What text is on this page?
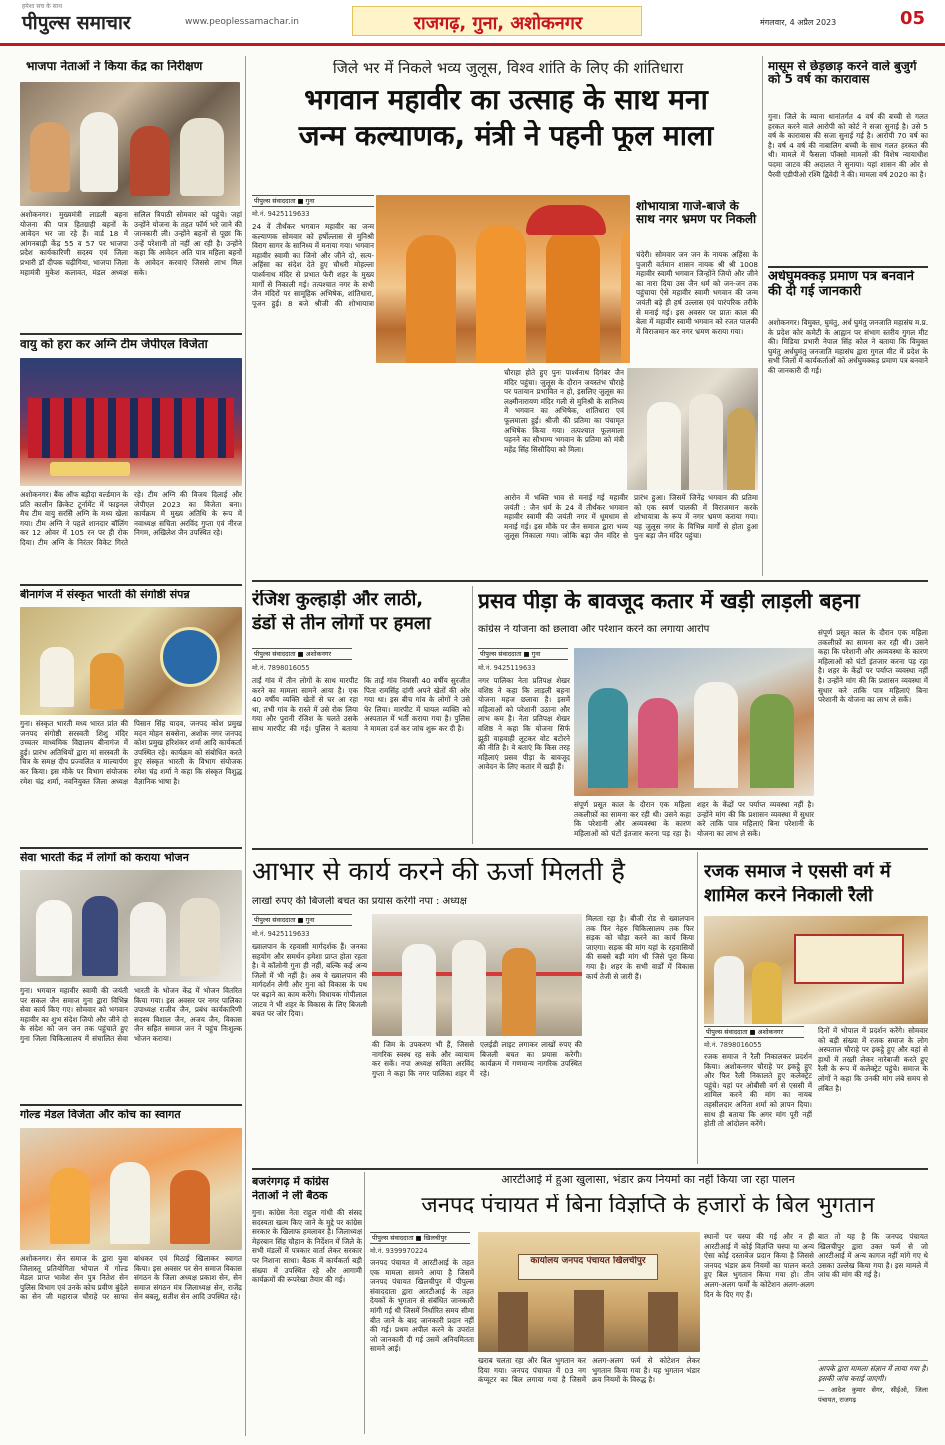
हमेशा सच के साथ
पीपुल्स समाचार	www.peoplessamachar.in	राजगढ़, गुना, अशोकनगर	मंगलवार, 4 अप्रैल 2023	05
भाजपा नेताओं ने किया केंद्र का निरीक्षण
अशोकनगर। मुख्यमंत्री लाडली बहना योजना की पात्र हितग्राही बहनों के आवेदन भर जा रहे हैं। वार्ड 18 में आंगनबाड़ी केंद्र 55 व 57 पर भाजपा प्रदेश कार्यकारिणी सदस्य एवं जिला प्रभारी डॉ दीपक चढ़ीगिया, भाजपा जिला महामंत्री मुकेश कलावत, मंडल अध्यक्ष सलिल त्रिपाठी सोमवार को पहुंचे। जहां उन्होंने योजना के तहत फॉर्म भरे जाने की जानकारी ली। उन्होंने बहनों से पूछा कि उन्हें परेशानी तो नहीं आ रही है। उन्होंने कहा कि आवेदन अति पात्र महिला बहनों के आवेदन करवाएं जिससे लाभ मिल सके।
वायु को हरा कर अग्नि टीम जेपीएल विजेता
अशोकनगर। बैंक ऑफ बड़ौदा वर्ल्डमान के प्रति कालीन क्रिकेट टूर्नामेंट में फाइनल मैच टीम वायु सरसेि अग्नि के मध्य खेला गया। टीम अग्नि ने पहले शानदार बॉलिंग कर 12 ओवर में 105 रन पर ही रोक दिया। टीम अग्नि के निरंतर विकेट गिरते रहे। टीम अग्नि की विजय दिलाई और जेपीएल 2023 का विजेता बना। कार्यक्रम में मुख्य अतिथि के रूप में नवाध्यक्ष सचिता अरविंद गुप्ता एवं नीरज निगम, अखिलेश जैन उपस्थित रहे।
बीनागंज में संस्कृत भारती की संगोष्ठी संपन्न
गुना। संस्कृत भारती मध्य भारत प्रांत की जनपद संगोष्ठी सरस्वती शिशु मंदिर उच्चतर माध्यमिक विद्यालय बीनागंज में हुई। प्रारंभ अतिथियों द्वारा मां सरस्वती के चित्र के समक्ष दीप प्रज्वलित व माल्यार्पण कर किया। इस मौके पर विभाग संयोजक रमेश चंद्र शर्मा, नवनियुक्त जिला अध्यक्ष पिसान सिंह यादव, जनपद कोश प्रमुख मदन मोहन सक्सेना, अशोक नगर जनपद कोश प्रमुख हरिशंकर शर्मा आदि कार्यकर्ता उपस्थित रहे। कार्यक्रम को संबोधित करते हुए संस्कृत भारती के विभाग संयोजक रमेश चंद्र शर्मा ने कहा कि संस्कृत विशुद्ध वैज्ञानिक भाषा है।
सेवा भारती केंद्र में लोगों को कराया भोजन
गुना। भगवान महावीर स्वामी की जयंती पर सकल जैन समाज गुना द्वारा विभिन्न सेवा कार्य किए गए। सोमवार को भगवान महावीर का शुभ संदेश जियो और जीने दो के संदेश को जन जन तक पहुंचाते हुए गुना जिला चिकित्सालय में संचालित सेवा भारती के भोजन केंद्र में भोजन वितरित किया गया। इस अवसर पर नगर पालिका उपाध्यक्ष राजीव जैन, प्रबंध कार्यकारिणी सदस्य विशाल जैन, अजय जैन, विकास जैन सहित समाज जन ने पहुंच निःशुल्क भोजन कराया।
गोल्ड मेडल विजेता और कोच का स्वागत
अशोकनगर। सेन समाज के द्वारा युवा जिलास्तू प्रतियोगिता भोपाल में गोल्ड मेडल प्राप्त भावेश सेन पुत्र नितेश सेन पुलिस विभाग एवं उनके कोच प्रवीण बुंदेले का सेन जी महाराज चौराहे पर साफा बांधकर एवं मिठाई खिलाकर स्वागत किया। इस अवसर पर सेन समाज विकास संगठन के जिला अध्यक्ष प्रकाश सेन, सेन समाज संगठन मंत्र जिलाध्यक्ष सेन, राजेंद्र सेन बबलू, सतीश सेन आदि उपस्थित रहे।
जिले भर में निकले भव्य जुलूस, विश्व शांति के लिए की शांतिधारा
भगवान महावीर का उत्साह के साथ मना
जन्म कल्याणक, मंत्री ने पहनी फूल माला
पीपुल्स संवाददाता ■ गुना
मो.नं. 9425119633
24 वें तीर्थंकर भगवान महावीर का जन्म कल्याणक सोमवार को हर्षोल्लास से मुनिश्री विराग सागर के सानिध्य में मनाया गया। भगवान महावीर स्वामी का जिनो और जीने दो, सत्य-अहिंसा का संदेश देते हुए चौधरी मोहल्ला पार्श्वनाथ मंदिर से प्रभात फेरी शहर के मुख्य मार्गों से निकाली गई। तत्पश्चात नगर के सभी जैन मंदिरों पर सामूहिक अभिषेक, शांतिधारा, पूजन हुई। 8 बजे श्रीजी की शोभायात्रा
चौराहा होते हुए पुनः पार्श्वनाथ दिगंबर जैन मंदिर पहुंचा। जुलूस के दौरान जयस्तंभ चौराहे पर पतायान प्रभावित न हो, इसलिए जुलूस का लक्ष्मीनारायण मंदिर गली से मुनिश्री के सानिध्य में भगवान का अभिषेक, शांतिधारा एवं फूलमाला हुई। श्रीजी की प्रतिमा का पंचामृत अभिषेक किया गया। तत्पश्चात फूलमाला पहनने का सौभाग्य भगवान के प्रतिमा को मंत्री महेंद्र सिंह सिसौदिया को मिला।
आरोन में भक्ति भाव से मनाई गई महावीर जयंती : जैन धर्म के 24 वें तीर्थंकर भगवान महावीर स्वामी की जयंती नगर में धूमधाम से मनाई गई। इस मौके पर जैन समाज द्वारा भव्य जुलूस निकाला गया। जोकि बड़ा जैन मंदिर से प्रारंभ हुआ। जिसमें जिनेंद्र भगवान की प्रतिमा को एक स्वर्ण पालकी में विराजमान करके शोभायात्रा के रूप में नगर भ्रमण कराया गया। यह जुलूस नगर के विभिन्न मार्गों से होता हुआ पुनः बड़ा जैन मंदिर पहुंचा।
मासूम से छेड़छाड़ करने वाले बुजुर्ग को 5 वर्ष का कारावास
गुना। जिले के म्याना थानांतर्गत 4 वर्ष की बच्ची से गलत हरकत करने वाले आरोपी को कोर्ट ने सजा सुनाई है। उसे 5 वर्ष के कारावास की सजा सुनाई गई है। आरोपी 70 वर्ष का है। वर्ष 4 वर्ष की नाबालिग बच्ची के साथ गलत हरकत की थी। मामले में फैसला पॉक्सो मामलों की विशेष न्यायाधीश पदमा जाटव की अदालत ने सुनाया। यहां शासन की ओर से पैरवी एडीपीओ रश्मि द्विवेदी ने की। मामला वर्ष 2020 का है।
अर्धघुमक्कड़ प्रमाण पत्र बनवाने की दी गई जानकारी
अशोकनगर। विमुक्त, घुमंतु, अर्ध घुमंतु जनजाति महासंघ म.प्र. के प्रदेश कोर कमेटी के आह्वान पर संभाग स्तरीय गुगल मीट की। मिडिया प्रभारी नेपाल सिंह कोल ने बताया कि विमुक्त घुमंतु अर्धघुमंतु जनजाति महासंघ द्वारा गुगल मीट में प्रदेश के सभी जिलों में कार्यकर्ताओं को अर्धघुमक्कड़ प्रमाण पत्र बनवाने की जानकारी दी गई।
रंजिश कुल्हाड़ी और लाठी,
डंडों से तीन लोगों पर हमला
पीपुल्स संवाददाता ■ अशोकनगर
मो.नं. 7898016055
ताईं गांव में तीन लोगों के साथ मारपीट करने का मामला सामने आया है। एक 40 वर्षीय व्यक्ति खेतों से घर आ रहा था, तभी गांव के रास्ते में उसे रोक लिया गया और पुरानी रंजिश के चलते उसके साथ मारपीट की गई। पुलिस ने बताया कि ताईं गांव निवासी 40 वर्षीय सुरजीत पिता रामसिंह दांगी अपने खेतों की ओर गया था। इस बीच गांव के लोगों ने उसे घेर लिया। मारपीट में घायल व्यक्ति को अस्पताल में भर्ती कराया गया है। पुलिस ने मामला दर्ज कर जांच शुरू कर दी है।
प्रसव पीड़ा के बावजूद कतार में खड़ी लाड़ली बहना
कांग्रेस ने योजना को छलावा और परेशान करने का लगाया आरोप
पीपुल्स संवाददाता ■ गुना
मो.नं. 9425119633
नगर पालिका नेता प्रतिपक्ष शेखर वशिष्ठ ने कहा कि लाड़ली बहना योजना महज छलावा है। इसमें महिलाओं को परेशानी उठाना और लाभ कम है। नेता प्रतिपक्ष शेखर वशिष्ठ ने कहा कि योजना सिर्फ झूठी वाहवाही लूटकर वोट बटोरने की नीति है। वे बताएं कि किस तरह महिलाएं प्रसव पीड़ा के बावजूद आवेदन के लिए कतार में खड़ी हैं।
संपूर्ण प्रसूत काल के दौरान एक महिला तकलीफ़ों का सामना कर रही थी। उसने कहा कि परेशानी और अव्यवस्था के कारण महिलाओं को घंटों इंतजार करना पड़ रहा है। शहर के केंद्रों पर पर्याप्त व्यवस्था नहीं है। उन्होंने मांग की कि प्रशासन व्यवस्था में सुधार करे ताकि पात्र महिलाएं बिना परेशानी के योजना का लाभ ले सकें।
संपूर्ण प्रसूत काल के दौरान एक महिला तकलीफ़ों का सामना कर रही थी। उसने कहा कि परेशानी और अव्यवस्था के कारण महिलाओं को घंटों इंतजार करना पड़ रहा है। शहर के केंद्रों पर पर्याप्त व्यवस्था नहीं है। उन्होंने मांग की कि प्रशासन व्यवस्था में सुधार करे ताकि पात्र महिलाएं बिना परेशानी के योजना का लाभ ले सकें।
आभार से कार्य करने की ऊर्जा मिलती है
लाखों रुपए की बिजली बचत का प्रयास करेगी नपा : अध्यक्ष
पीपुल्स संवाददाता ■ गुना
मो.नं. 9425119633
ख्वालपान के रहवासी मार्गदर्शक हैं। जनका सहयोग और समर्थन हमेशा प्राप्त होता रहता है। वे कॉलोनी गुना ही नहीं, बल्कि कई अन्य जिलों में भी नहीं है। अब ये ख्वालपान की मार्गदर्शन लेगी और गुना को विकास के पथ पर बढ़ाने का काम करेंगे। विधायक गोपीलाल जाटव ने भी शहर के विकास के लिए बिजली बचत पर जोर दिया।
की जिम के उपकरण भी हैं, जिससे नागरिक स्वस्थ रह सके और व्यायाम कर सकें। नपा अध्यक्ष सविता अरविंद गुप्ता ने कहा कि नगर पालिका शहर में एलईडी लाइट लगाकर लाखों रुपए की बिजली बचत का प्रयास करेगी। कार्यक्रम में गणमान्य नागरिक उपस्थित रहे।
मिलता रहा है। बीजी रोड से ख्वालपान तक फिर नेहरु चिकित्सालय तक फिर सड़क को चौड़ा करने का कार्य किया जाएगा। सड़क की मांग यहां के रहवासियों की सबसे बड़ी मांग थी जिसे पूरा किया गया है। शहर के सभी वार्डों में विकास कार्य तेजी से जारी हैं।
रजक समाज ने एससी वर्ग में
शामिल करने निकाली रैली
पीपुल्स संवाददाता ■ अशोकनगर
मो.नं. 7898016055
रजक समाज ने रैली निकालकर प्रदर्शन किया। अशोकनगर चौराहे पर इकट्ठे हुए और फिर रैली निकालते हुए कलेक्ट्रेट पहुंचे। यहां पर ओबीसी वर्ग से एससी में शामिल करने की मांग का नायब तहसीलदार अनिता शर्मा को ज्ञापन दिया। साथ ही बताया कि अगर मांग पूरी नहीं होती तो आंदोलन करेंगे।
दिनों में भोपाल में प्रदर्शन करेंगे। सोमवार को बड़ी संख्या में रजक समाज के लोग अस्पताल चौराहे पर इकट्ठे हुए और यहां से हाथों में तख्ती लेकर नारेबाजी करते हुए रैली के रूप में कलेक्ट्रेट पहुंचे। समाज के लोगों ने कहा कि उनकी मांग लंबे समय से लंबित है।
बजरंगगढ़ में कांग्रेस
नेताओं ने ली बैठक
गुना। कांग्रेस नेता राहुल गांधी की संसद सदस्यता खत्म किए जाने के मुद्दे पर कांग्रेस सरकार के खिलाफ हमलावर है। जिलाध्यक्ष मेहरबान सिंह चौहान के निर्देशन में जिले के सभी मंडलों में पत्रकार वार्ता लेकर सरकार पर निशाना साधा। बैठक में कार्यकर्ता बड़ी संख्या में उपस्थित रहे और आगामी कार्यक्रमों की रूपरेखा तैयार की गई।
आरटीआई में हुआ खुलासा, भंडार क्रय नियमों का नहीं किया जा रहा पालन
जनपद पंचायत में बिना विज्ञप्ति के हजारों के बिल भुगतान
पीपुल्स संवाददाता ■ खिलचीपुर
मो.नं. 9399970224
जनपद पंचायत में आरटीआई के तहत एक मामला सामने आया है जिसमें जनपद पंचायत खिलचीपुर में पीपुल्स संवाददाता द्वारा आरटीआई के तहत देयकों के भुगतान से संबंधित जानकारी मांगी गई थी जिसमें निर्धारित समय सीमा बीत जाने के बाद जानकारी प्रदान नहीं की गई। प्रथम अपील करने के उपरांत जो जानकारी दी गई उसमें अनियमितता सामने आई।
कार्यालय जनपद पंचायत खिलचीपुर
खराब चलता रहा और बिल भुगतान कर दिया गया। जनपद पंचायत में 03 नग कंप्यूटर का बिल लगाया गया है जिसमें अलग-अलग फर्म से कोटेशन लेकर भुगतान किया गया है। यह भुगतान भंडार क्रय नियमों के विरुद्ध है।
स्थानों पर चस्पा की गई और न ही आरटीआई में कोई विज्ञप्ति चस्पा या अन्य ऐसा कोई दस्तावेज प्रदान किया है जिससे जनपद भंडार क्रय नियमों का पालन करते हुए बिल भुगतान किया गया हो। तीन अलग-अलग फर्मों के कोटेशन अलग-अलग दिन के दिए गए हैं।
बात तो यह है कि जनपद पंचायत खिलचीपुर द्वारा उक्त फर्म से जो आरटीआई में अन्य कागज नहीं मांगे गए थे उसका उल्लेख किया गया है। इस मामले में जांच की मांग की गई है।
आपके द्वारा मामला संज्ञान में लाया गया है। इसकी जांच कराई जाएगी।
— आदेश कुमार सेंगर, सीईओ, जिला पंचायत, राजगढ़
शोभायात्रा गाजे-बाजे के साथ नगर भ्रमण पर निकली
चंदेरी। सोमवार जन जन के नायक अहिंसा के पुजारी वर्तमान शासन नायक श्री श्री 1008 महावीर स्वामी भगवान जिन्होंने जियो और जीने का नारा दिया उस जैन धर्म को जन-जन तक पहुंचाया ऐसे महावीर स्वामी भगवान की जन्म जयंती बड़े ही हर्ष उल्लास एवं पारंपरिक तरीके से मनाई गई। इस अवसर पर प्रातः काल की बेला में महावीर स्वामी भगवान को रजत पालकी में विराजमान कर नगर भ्रमण कराया गया।
